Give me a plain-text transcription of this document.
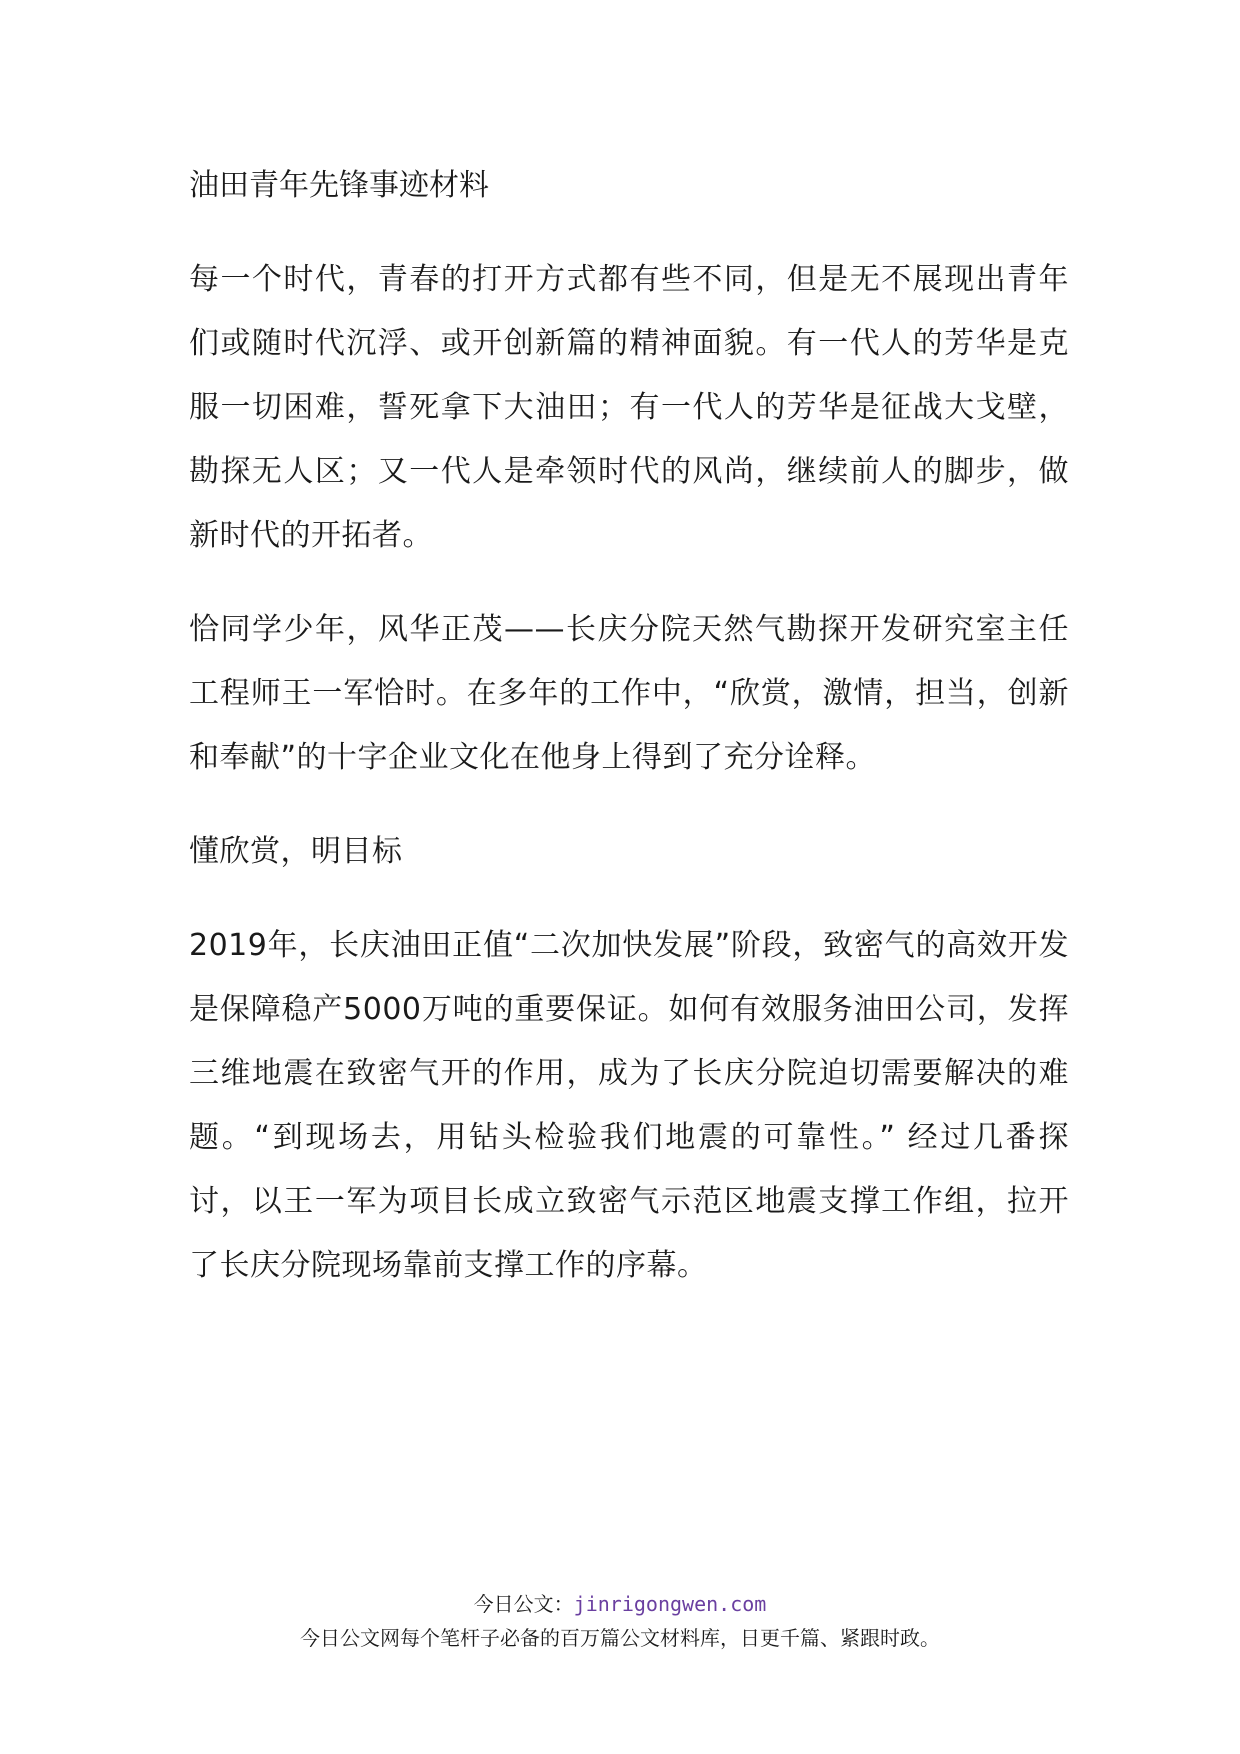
油田青年先锋事迹材料

每一个时代，青春的打开方式都有些不同，但是无不展现出青年们或随时代沉浮、或开创新篇的精神面貌。有一代人的芳华是克服一切困难，誓死拿下大油田；有一代人的芳华是征战大戈壁，勘探无人区；又一代人是牵领时代的风尚，继续前人的脚步，做新时代的开拓者。

恰同学少年，风华正茂——长庆分院天然气勘探开发研究室主任工程师王一军恰时。在多年的工作中，“欣赏，激情，担当，创新和奉献”的十字企业文化在他身上得到了充分诠释。

懂欣赏，明目标

2019年，长庆油田正值“二次加快发展”阶段，致密气的高效开发是保障稳产5000万吨的重要保证。如何有效服务油田公司，发挥三维地震在致密气开的作用，成为了长庆分院迫切需要解决的难题。“到现场去，用钻头检验我们地震的可靠性。” 经过几番探讨，以王一军为项目长成立致密气示范区地震支撑工作组，拉开了长庆分院现场靠前支撑工作的序幕。

今日公文：jinrigongwen.com
今日公文网每个笔杆子必备的百万篇公文材料库，日更千篇、紧跟时政。
